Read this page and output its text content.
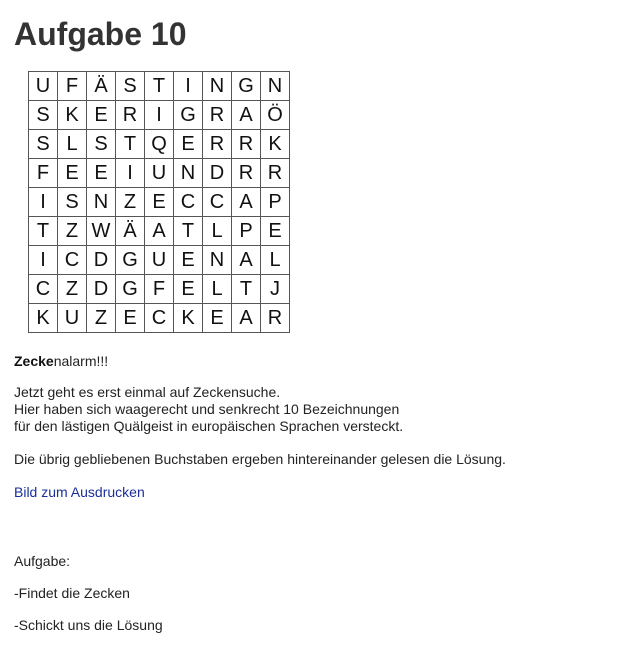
Aufgabe 10
U	F	Ä	S	T	I	N	G	N
S	K	E	R	I	G	R	A	Ö
S	L	S	T	Q	E	R	R	K
F	E	E	I	U	N	D	R	R
I	S	N	Z	E	C	C	A	P
T	Z	W	Ä	A	T	L	P	E
I	C	D	G	U	E	N	A	L
C	Z	D	G	F	E	L	T	J
K	U	Z	E	C	K	E	A	R

Zeckenalarm!!!

Jetzt geht es erst einmal auf Zeckensuche.
Hier haben sich waagerecht und senkrecht 10 Bezeichnungen
für den lästigen Quälgeist in europäischen Sprachen versteckt.

Die übrig gebliebenen Buchstaben ergeben hintereinander gelesen die Lösung.

Bild zum Ausdrucken

Aufgabe:

-Findet die Zecken

-Schickt uns die Lösung
